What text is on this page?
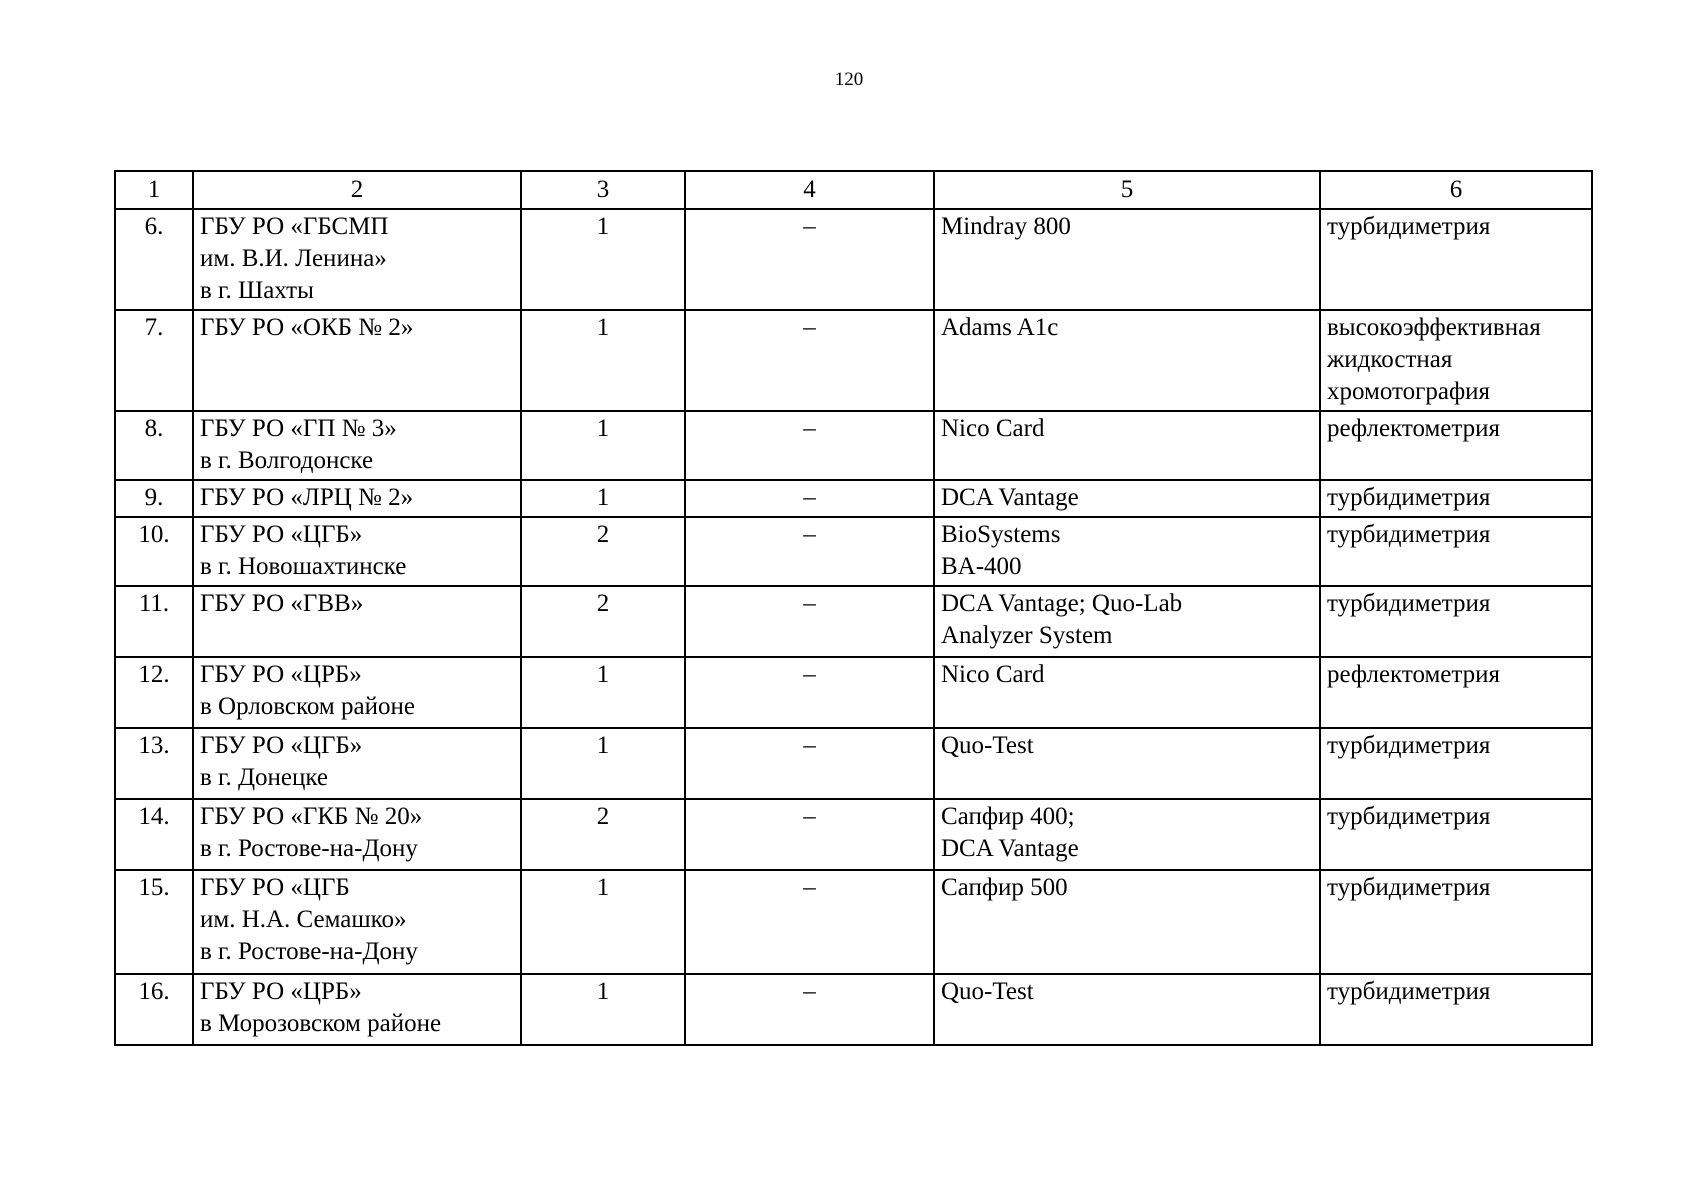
120
1	2	3	4	5	6
6.	ГБУ РО «ГБСМП
им. В.И. Ленина»
в г. Шахты	1	–	Mindray 800	турбидиметрия

7.	ГБУ РО «ОКБ № 2»	1	–	Adams A1c	высокоэффективная
жидкостная
хромотография

8.	ГБУ РО «ГП № 3»
в г. Волгодонске	1	–	Nico Card	рефлектометрия

9.	ГБУ РО «ЛРЦ № 2»	1	–	DCA Vantage	турбидиметрия

10.	ГБУ РО «ЦГБ»
в г. Новошахтинске	2	–	BioSystems
BA-400	турбидиметрия

11.	ГБУ РО «ГВВ»	2	–	DCA Vantage; Quo-Lab
Analyzer System	турбидиметрия

12.	ГБУ РО «ЦРБ»
в Орловском районе	1	–	Nico Card	рефлектометрия

13.	ГБУ РО «ЦГБ»
в г. Донецке	1	–	Quo-Test	турбидиметрия

14.	ГБУ РО «ГКБ № 20»
в г. Ростове-на-Дону	2	–	Сапфир 400;
DCA Vantage	турбидиметрия

15.	ГБУ РО «ЦГБ
им. Н.А. Семашко»
в г. Ростове-на-Дону	1	–	Сапфир 500	турбидиметрия

16.	ГБУ РО «ЦРБ»
в Морозовском районе	1	–	Quo-Test	турбидиметрия
